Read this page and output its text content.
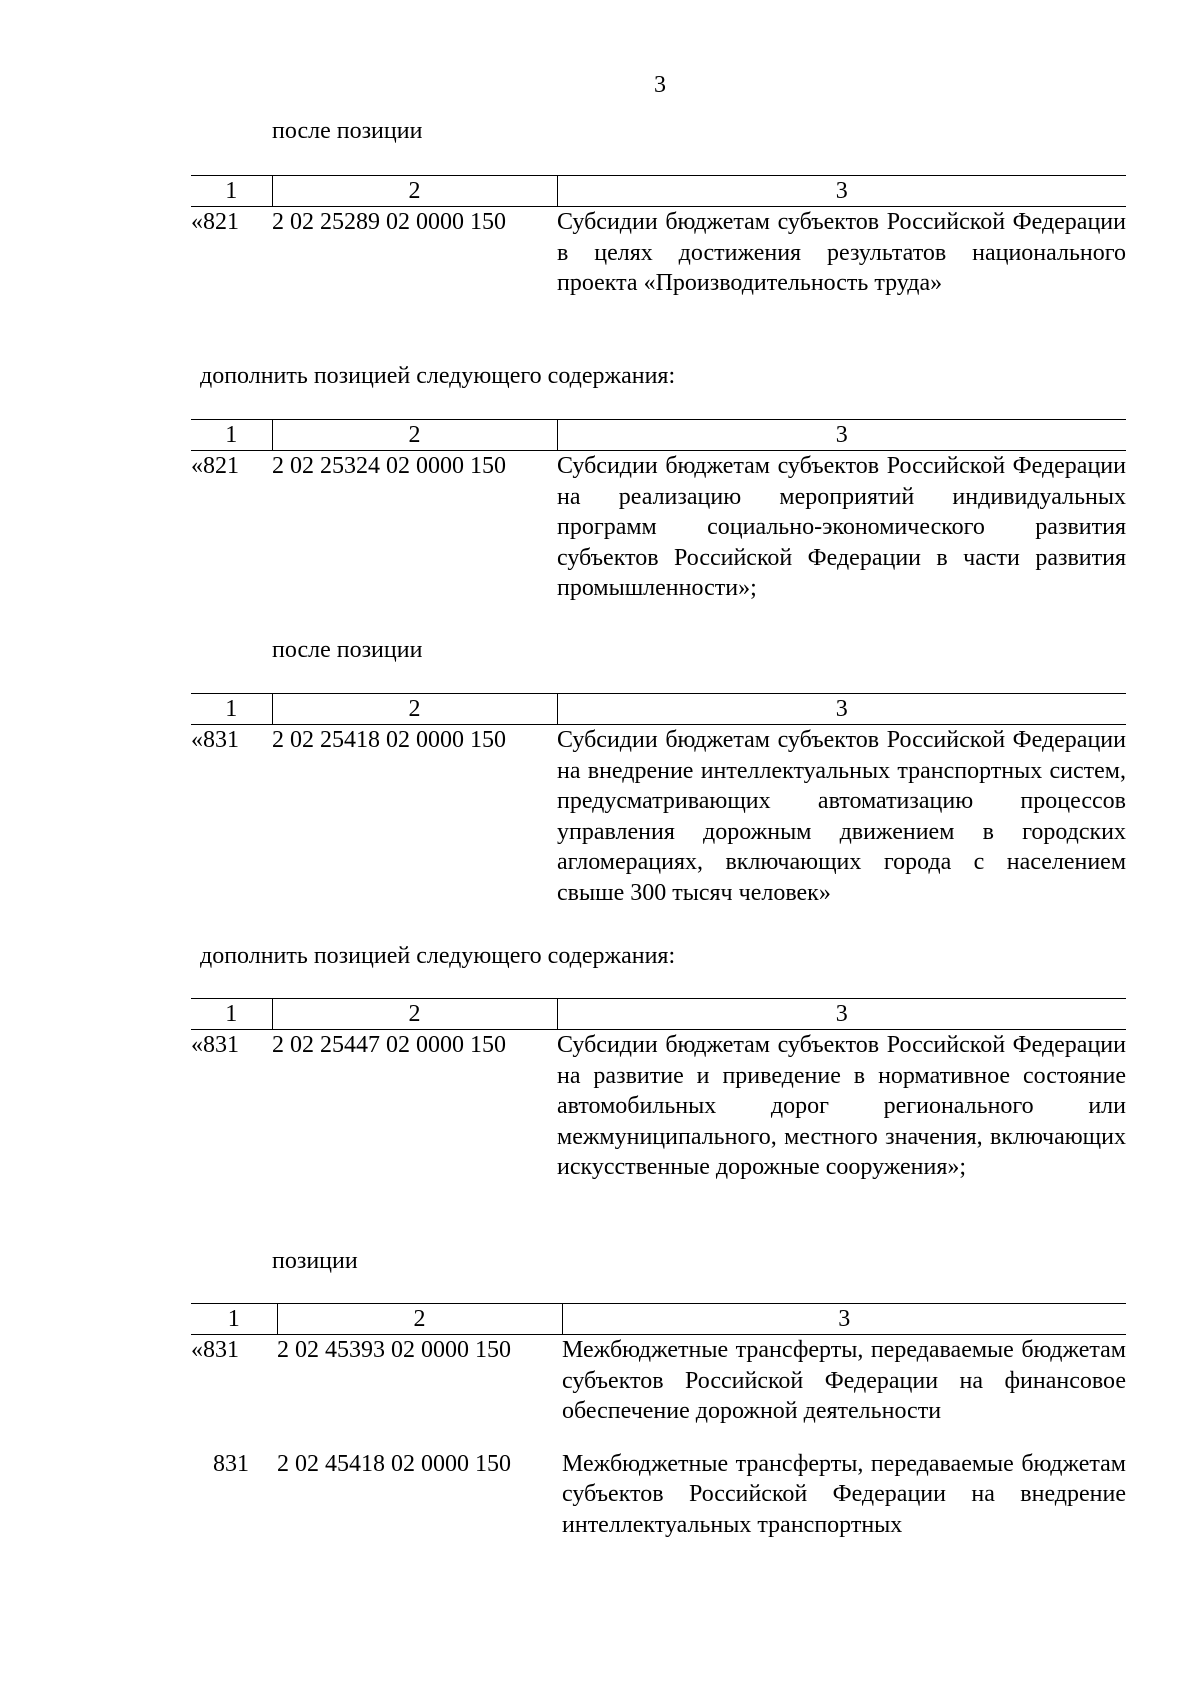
3
после позиции
1	2	3
«821	2 02 25289 02 0000 150	Субсидии бюджетам субъектов Российской Федерации в целях достижения результатов национального проекта «Производительность труда»
дополнить позицией следующего содержания:
1	2	3
«821	2 02 25324 02 0000 150	Субсидии бюджетам субъектов Российской Федерации на реализацию мероприятий индивидуальных программ социально-экономического развития субъектов Российской Федерации в части развития промышленности»;
после позиции
1	2	3
«831	2 02 25418 02 0000 150	Субсидии бюджетам субъектов Российской Федерации на внедрение интеллектуальных транспортных систем, предусматривающих автоматизацию процессов управления дорожным движением в городских агломерациях, включающих города с населением свыше 300 тысяч человек»
дополнить позицией следующего содержания:
1	2	3
«831	2 02 25447 02 0000 150	Субсидии бюджетам субъектов Российской Федерации на развитие и приведение в нормативное состояние автомобильных дорог регионального или межмуниципального, местного значения, включающих искусственные дорожные сооружения»;
позиции
1	2	3
«831	2 02 45393 02 0000 150	Межбюджетные трансферты, передаваемые бюджетам субъектов Российской Федерации на финансовое обеспечение дорожной деятельности

831	2 02 45418 02 0000 150	Межбюджетные трансферты, передаваемые бюджетам субъектов Российской Федерации на внедрение интеллектуальных транспортных
